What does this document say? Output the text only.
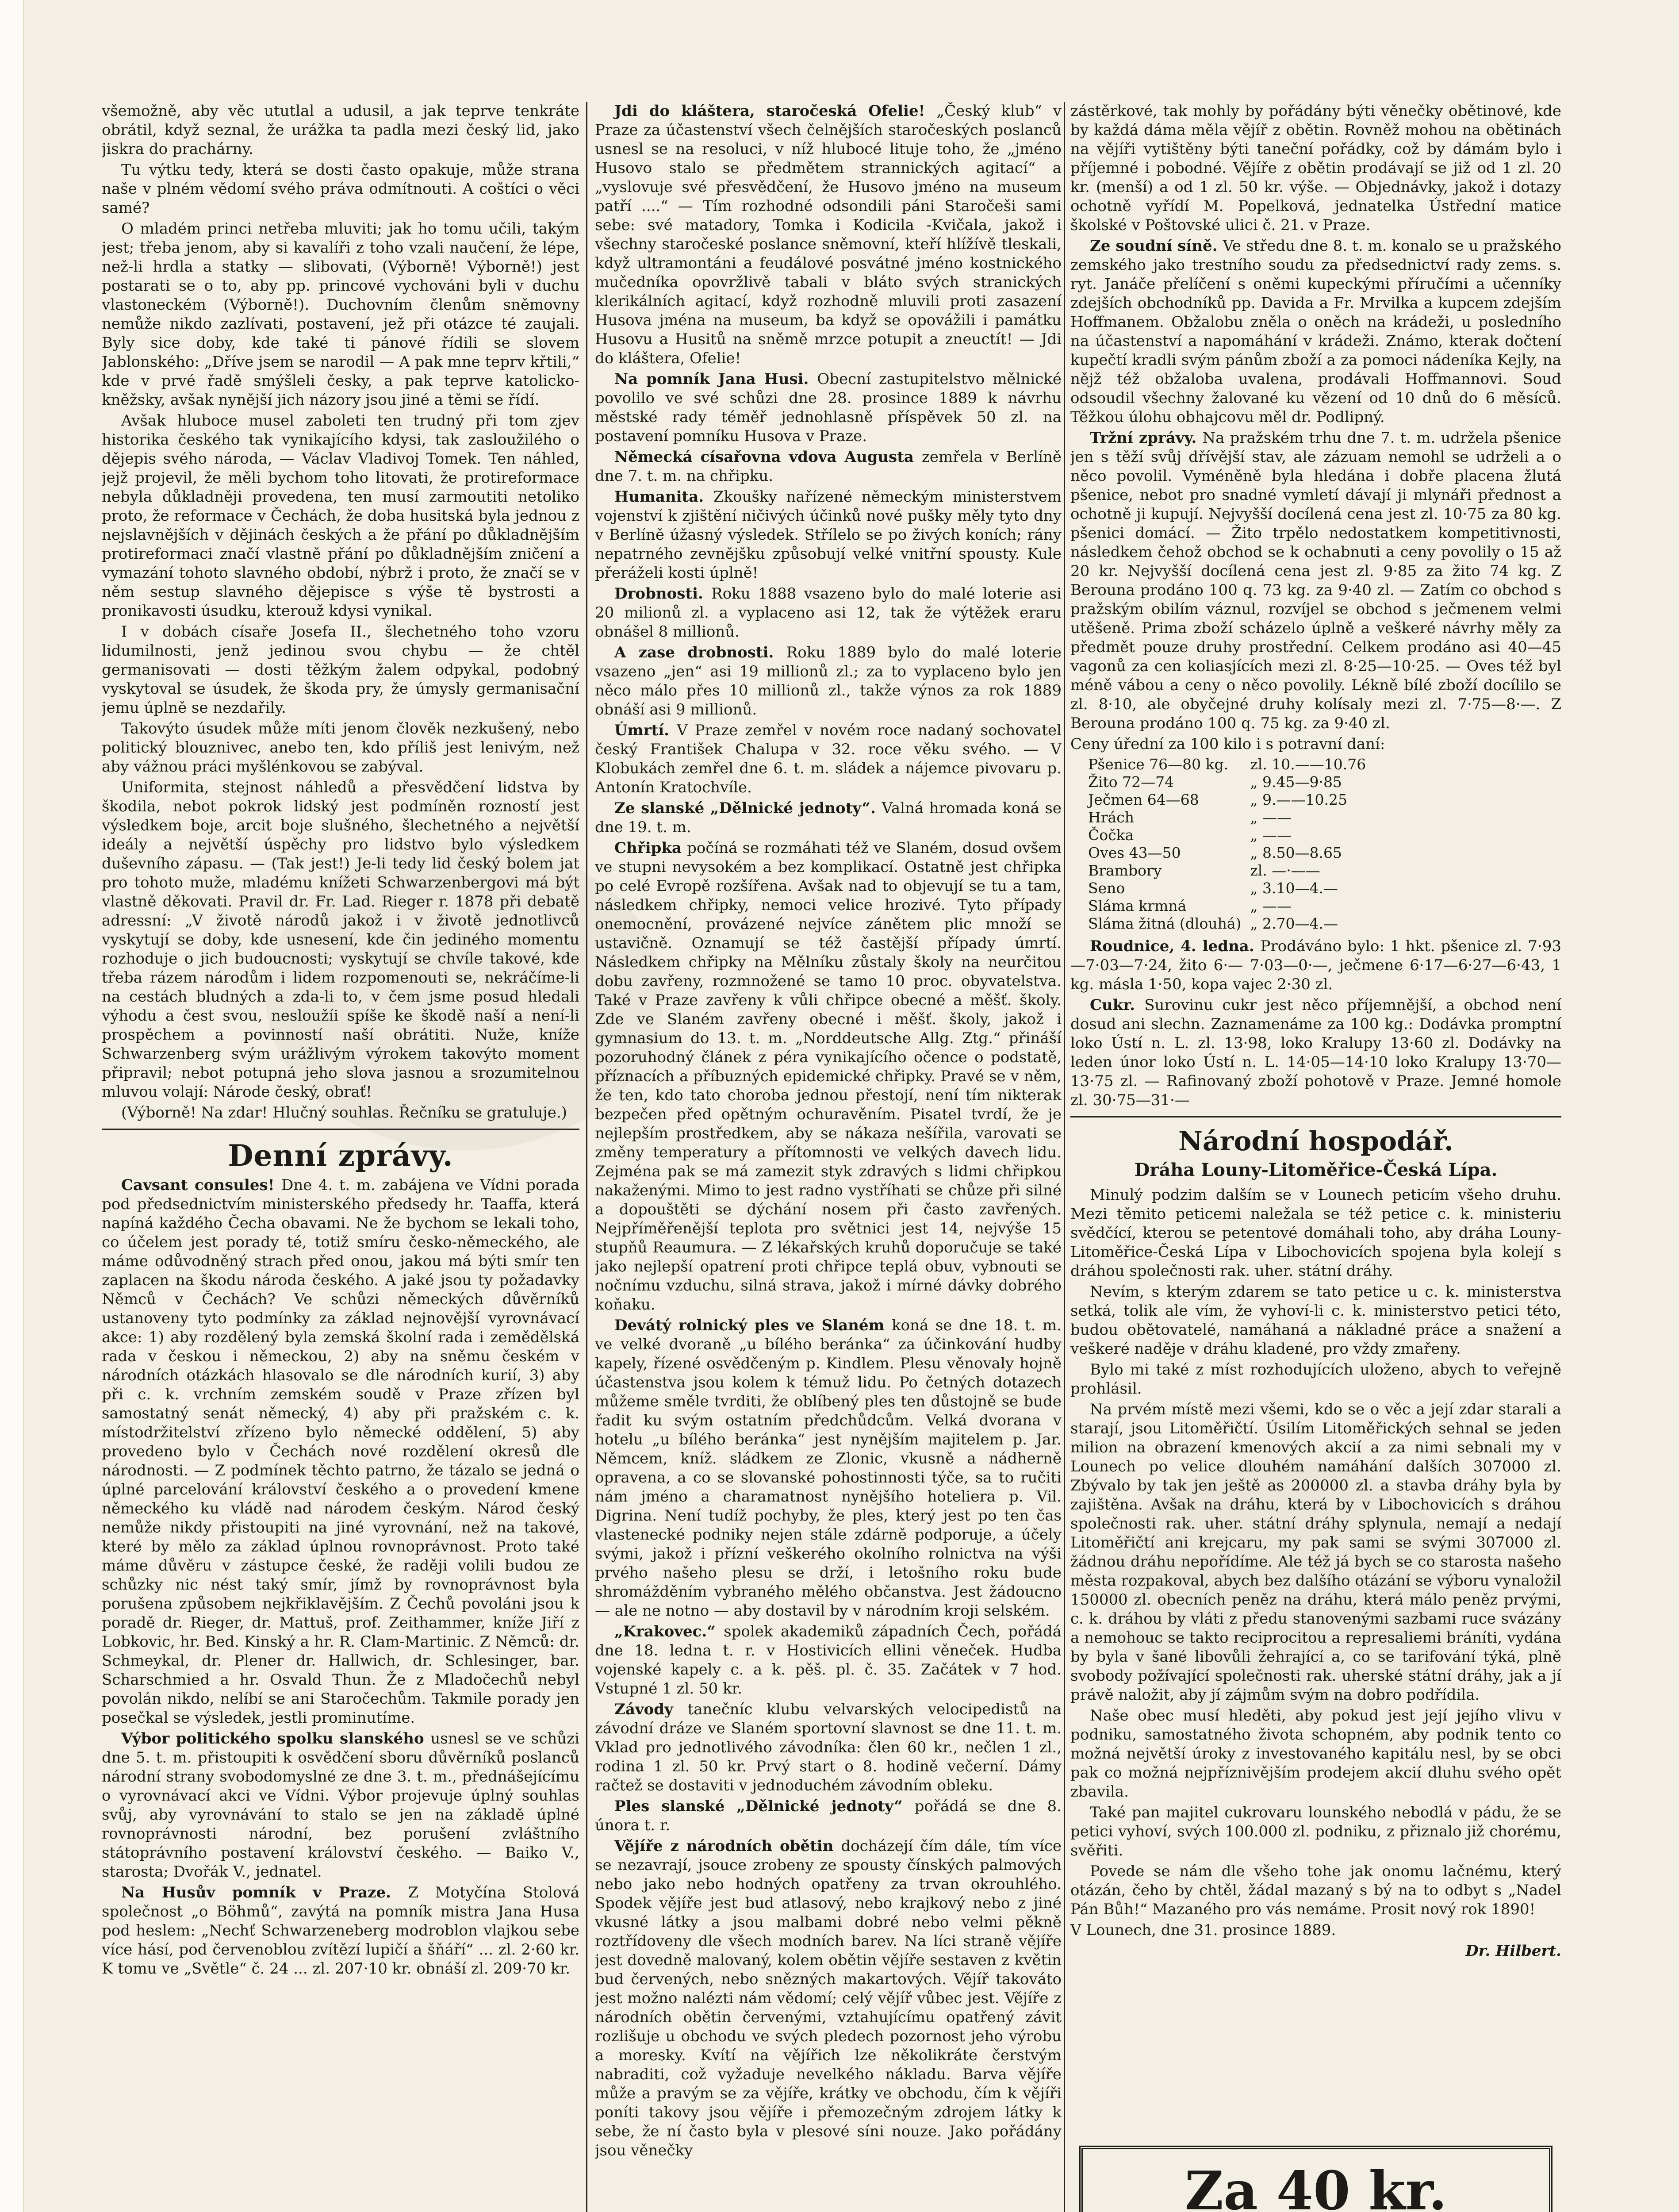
všemožně, aby věc ututlal a udusil, a jak teprve tenkráte obrátil, když seznal, že urážka ta padla mezi český lid, jako jiskra do prachárny.

Tu výtku tedy, která se dosti často opakuje, může strana naše v plném vědomí svého práva odmítnouti. A coštíci o věci samé?

O mladém princi netřeba mluviti; jak ho tomu učili, takým jest; třeba jenom, aby si kavalíři z toho vzali naučení, že lépe, než-li hrdla a statky — slibovati, (Výborně! Výborně!) jest postarati se o to, aby pp. princové vychováni byli v duchu vlastoneckém (Výborně!). Duchovním členům sněmovny nemůže nikdo zazlívati, postavení, jež při otázce té zaujali. Byly sice doby, kde také ti pánové řídili se slovem Jablonského: „Dříve jsem se narodil — A pak mne teprv křtili,“ kde v prvé řadě smýšleli česky, a pak teprve katolicko-kněžsky, avšak nynější jich názory jsou jiné a těmi se řídí.

Avšak hluboce musel zaboleti ten trudný při tom zjev historika českého tak vynikajícího kdysi, tak zasloužilého o dějepis svého národa, — Václav Vladivoj Tomek. Ten náhled, jejž projevil, že měli bychom toho litovati, že protireformace nebyla důkladněji provedena, ten musí zarmoutiti netoliko proto, že reformace v Čechách, že doba husitská byla jednou z nejslavnějších v dějinách českých a že přání po důkladnějším protireformaci značí vlastně přání po důkladnějším zničení a vymazání tohoto slavného období, nýbrž i proto, že značí se v něm sestup slavného dějepisce s výše tě bystrosti a pronikavosti úsudku, kterouž kdysi vynikal.

I v dobách císaře Josefa II., šlechetného toho vzoru lidumilnosti, jenž jedinou svou chybu — že chtěl germanisovati — dosti těžkým žalem odpykal, podobný vyskytoval se úsudek, že škoda pry, že úmysly germanisační jemu úplně se nezdařily.

Takovýto úsudek může míti jenom člověk nezkušený, nebo politický blouznivec, anebo ten, kdo příliš jest lenivým, než aby vážnou práci myšlénkovou se zabýval.

Uniformita, stejnost náhledů a přesvědčení lidstva by škodila, nebot pokrok lidský jest podmíněn rozností jest výsledkem boje, arcit boje slušného, šlechetného a největší ideály a největší úspěchy pro lidstvo bylo výsledkem duševního zápasu. — (Tak jest!) Je-li tedy lid český bolem jat pro tohoto muže, mladému knížeti Schwarzenbergovi má být vlastně děkovati. Pravil dr. Fr. Lad. Rieger r. 1878 při debatě adressní: „V životě národů jakož i v životě jednotlivců vyskytují se doby, kde usnesení, kde čin jediného momentu rozhoduje o jich budoucnosti; vyskytují se chvíle takové, kde třeba rázem národům i lidem rozpomenouti se, nekráčíme-li na cestách bludných a zda-li to, v čem jsme posud hledali výhodu a čest svou, nesloužíi spíše ke škodě naší a není-li prospěchem a povinností naší obrátiti. Nuže, kníže Schwarzenberg svým urážlivým výrokem takovýto moment připravil; nebot potupná jeho slova jasnou a srozumitelnou mluvou volají: Národe český, obrať!

(Výborně! Na zdar! Hlučný souhlas. Řečníku se gratuluje.)

Denní zprávy.

Cavsant consules! Dne 4. t. m. zabájena ve Vídni porada pod předsednictvím ministerského předsedy hr. Taaffa, která napíná každého Čecha obavami. Ne že bychom se lekali toho, co účelem jest porady té, totiž smíru česko-německého, ale máme odůvodněný strach před onou, jakou má býti smír ten zaplacen na škodu národa českého. A jaké jsou ty požadavky Němců v Čechách? Ve schůzi německých důvěrníků ustanoveny tyto podmínky za základ nejnovější vyrovnávací akce: 1) aby rozdělený byla zemská školní rada i zemědělská rada v českou i německou, 2) aby na sněmu českém v národních otázkách hlasovalo se dle národních kurií, 3) aby při c. k. vrchním zemském soudě v Praze zřízen byl samostatný senát německý, 4) aby při pražském c. k. místodržitelství zřízeno bylo německé oddělení, 5) aby provedeno bylo v Čechách nové rozdělení okresů dle národnosti. — Z podmínek těchto patrno, že tázalo se jedná o úplné parcelování království českého a o provedení kmene německého ku vládě nad národem českým. Národ český nemůže nikdy přistoupiti na jiné vyrovnání, než na takové, které by mělo za základ úplnou rovnoprávnost. Proto také máme důvěru v zástupce české, že raději volili budou ze schůzky nic nést taký smír, jímž by rovnoprávnost byla porušena způsobem nejkřiklavějším. Z Čechů povoláni jsou k poradě dr. Rieger, dr. Mattuš, prof. Zeithammer, kníže Jiří z Lobkovic, hr. Bed. Kinský a hr. R. Clam-Martinic. Z Němců: dr. Schmeykal, dr. Plener dr. Hallwich, dr. Schlesinger, bar. Scharschmied a hr. Osvald Thun. Že z Mladočechů nebyl povolán nikdo, nelíbí se ani Staročechům. Takmile porady jen posečkal se výsledek, jestli prominutíme.

Výbor politického spolku slanského usnesl se ve schůzi dne 5. t. m. přistoupiti k osvědčení sboru důvěrníků poslanců národní strany svobodomyslné ze dne 3. t. m., přednášejícímu o vyrovnávací akci ve Vídni. Výbor projevuje úplný souhlas svůj, aby vyrovnávání to stalo se jen na základě úplné rovnoprávnosti národní, bez porušení zvláštního státoprávního postavení království českého. — Baiko V., starosta; Dvořák V., jednatel.

Na Husův pomník v Praze. Z Motyčína Stolová společnost „o Böhmů“, zavýtá na pomník mistra Jana Husa pod heslem: „Nechť Schwarzeneberg modroblon vlajkou sebe více hásí, pod červenoblou zvítězí lupičí a šňáří“ ... zl. 2·60 kr. K tomu ve „Světle“ č. 24 ... zl. 207·10 kr. obnáší zl. 209·70 kr.

Jdi do kláštera, staročeská Ofelie! „Český klub“ v Praze za účastenství všech čelnějších staročeských poslanců usnesl se na resoluci, v níž hlubocé lituje toho, že „jméno Husovo stalo se předmětem strannických agitací“ a „vyslovuje své přesvědčení, že Husovo jméno na museum patří ....“ — Tím rozhodné odsondili páni Staročeši sami sebe: své matadory, Tomka i Kodicila -Kvičala, jakož i všechny staročeské poslance sněmovní, kteří hlížívě tleskali, když ultramontáni a feudálové posvátné jméno kostnického mučedníka opovržlivě tabali v bláto svých stranických klerikálních agitací, když rozhodně mluvili proti zasazení Husova jména na museum, ba když se opovážili i památku Husovu a Husitů na sněmě mrzce potupit a zneuctít! — Jdi do kláštera, Ofelie!

Na pomník Jana Husi. Obecní zastupitelstvo mělnické povolilo ve své schůzi dne 28. prosince 1889 k návrhu městské rady téměř jednohlasně příspěvek 50 zl. na postavení pomníku Husova v Praze.

Německá císařovna vdova Augusta zemřela v Berlíně dne 7. t. m. na chřipku.

Humanita. Zkoušky nařízené německým ministerstvem vojenství k zjištění ničivých účinků nové pušky měly tyto dny v Berlíně úžasný výsledek. Střílelo se po živých koních; rány nepatrného zevnějšku způsobují velké vnitřní spousty. Kule přeráželi kosti úplně!

Drobnosti. Roku 1888 vsazeno bylo do malé loterie asi 20 milionů zl. a vyplaceno asi 12, tak že výtěžek eraru obnášel 8 millionů.

A zase drobnosti. Roku 1889 bylo do malé loterie vsazeno „jen“ asi 19 millionů zl.; za to vyplaceno bylo jen něco málo přes 10 millionů zl., takže výnos za rok 1889 obnáší asi 9 millionů.

Úmrtí. V Praze zemřel v novém roce nadaný sochovatel český František Chalupa v 32. roce věku svého. — V Klobukách zemřel dne 6. t. m. sládek a nájemce pivovaru p. Antonín Kratochvíle.

Ze slanské „Dělnické jednoty“. Valná hromada koná se dne 19. t. m.

Chřipka počíná se rozmáhati též ve Slaném, dosud ovšem ve stupni nevysokém a bez komplikací. Ostatně jest chřipka po celé Evropě rozšířena. Avšak nad to objevují se tu a tam, následkem chřipky, nemoci velice hrozivé. Tyto případy onemocnění, provázené nejvíce zánětem plic množí se ustavičně. Oznamují se též častější případy úmrtí. Následkem chřipky na Mělníku zůstaly školy na neurčitou dobu zavřeny, rozmnožené se tamo 10 proc. obyvatelstva. Také v Praze zavřeny k vůli chřipce obecné a měšť. školy. Zde ve Slaném zavřeny obecné i měšť. školy, jakož i gymnasium do 13. t. m. „Norddeutsche Allg. Ztg.“ přináší pozoruhodný článek z péra vynikajícího očence o podstatě, příznacích a příbuzných epidemické chřipky. Pravé se v něm, že ten, kdo tato choroba jednou přestojí, není tím nikterak bezpečen před opětným ochuravěním. Pisatel tvrdí, že je nejlepším prostředkem, aby se nákaza nešířila, varovati se změny temperatury a přítomnosti ve velkých davech lidu. Zejména pak se má zamezit styk zdravých s lidmi chřipkou nakaženými. Mimo to jest radno vystříhati se chůze při silné a dopouštěti se dýchání nosem při často zavřených. Nejpříměřenější teplota pro světnici jest 14, nejvýše 15 stupňů Reaumura. — Z lékařských kruhů doporučuje se také jako nejlepší opatrení proti chřipce teplá obuv, vybnouti se nočnímu vzduchu, silná strava, jakož i mírné dávky dobrého koňaku.

Devátý rolnický ples ve Slaném koná se dne 18. t. m. ve velké dvoraně „u bílého beránka“ za účinkování hudby kapely, řízené osvědčeným p. Kindlem. Plesu věnovaly hojně účastenstva jsou kolem k témuž lidu. Po četných dotazech můžeme směle tvrditi, že oblíbený ples ten důstojně se bude řadit ku svým ostatním předchůdcům. Velká dvorana v hotelu „u bílého beránka“ jest nynějším majitelem p. Jar. Němcem, kníž. sládkem ze Zlonic, vkusně a nádherně opravena, a co se slovanské pohostinnosti týče, sa to ručiti nám jméno a charamatnost nynějšího hoteliera p. Vil. Digrina. Není tudíž pochyby, že ples, který jest po ten čas vlastenecké podniky nejen stále zdárně podporuje, a účely svými, jakož i přízní veškerého okolního rolnictva na výši prvého našeho plesu se drží, i letošního roku bude shromážděním vybraného mělého občanstva. Jest žádoucno — ale ne notno — aby dostavil by v národním kroji selském.

„Krakovec.“ spolek akademiků západních Čech, pořádá dne 18. ledna t. r. v Hostivicích ellini věneček. Hudba vojenské kapely c. a k. pěš. pl. č. 35. Začátek v 7 hod. Vstupné 1 zl. 50 kr.

Závody tanečníc klubu velvarských velocipedistů na závodní dráze ve Slaném sportovní slavnost se dne 11. t. m. Vklad pro jednotlivého závodníka: člen 60 kr., nečlen 1 zl., rodina 1 zl. 50 kr. Prvý start o 8. hodině večerní. Dámy račtež se dostaviti v jednoduchém závodním obleku.

Ples slanské „Dělnické jednoty“ pořádá se dne 8. února t. r.

Vějíře z národních obětin docházejí čím dále, tím více se nezavrají, jsouce zrobeny ze spousty čínských palmových nebo jako nebo hodných opatřeny za trvan okrouhlého. Spodek vějíře jest bud atlasový, nebo krajkový nebo z jiné vkusné látky a jsou malbami dobré nebo velmi pěkně roztřídoveny dle všech modních barev. Na líci straně vějíře jest dovedně malovaný, kolem obětin vějíře sestaven z květin bud červených, nebo snězných makartových. Vějíř takováto jest možno nalézti nám vědomí; celý vějíř vůbec jest. Vějíře z národních obětin červenými, vztahujícímu opatřený závit rozlišuje u obchodu ve svých pledech pozornost jeho výrobu a moresky. Kvítí na vějířich lze několikráte čerstvým nabraditi, což vyžaduje nevelkého nákladu. Barva vějíře může a pravým se za vějíře, krátky ve obchodu, čím k vějíři poníti takovy jsou vějíře i přemozečným zdrojem látky k sebe, že ní často byla v plesové síni nouze. Jako pořádány jsou věnečky

zástěrkové, tak mohly by pořádány býti věnečky obětinové, kde by každá dáma měla vějíř z obětin. Rovněž mohou na obětinách na vějíři vytištěny býti taneční pořádky, což by dámám bylo i příjemné i pobodné. Vějíře z obětin prodávají se již od 1 zl. 20 kr. (menší) a od 1 zl. 50 kr. výše. — Objednávky, jakož i dotazy ochotně vyřídí M. Popelková, jednatelka Ústřední matice školské v Poštovské ulici č. 21. v Praze.

Ze soudní síně. Ve středu dne 8. t. m. konalo se u pražského zemského jako trestního soudu za předsednictví rady zems. s. ryt. Janáče přelíčení s oněmi kupeckými příručími a učenníky zdejších obchodníků pp. Davida a Fr. Mrvilka a kupcem zdejším Hoffmanem. Obžalobu zněla o oněch na krádeži, u posledního na účastenství a napomáhání v krádeži. Známo, kterak dočtení kupečtí kradli svým pánům zboží a za pomoci nádeníka Kejly, na nějž též obžaloba uvalena, prodávali Hoffmannovi. Soud odsoudil všechny žalované ku vězení od 10 dnů do 6 měsíců. Těžkou úlohu obhajcovu měl dr. Podlipný.

Tržní zprávy. Na pražském trhu dne 7. t. m. udržela pšenice jen s těží svůj dřívější stav, ale zázuam nemohl se udrželi a o něco povolil. Vyméněně byla hledána i dobře placena žlutá pšenice, nebot pro snadné vymletí dávají ji mlynáři přednost a ochotně ji kupují. Nejvyšší docílená cena jest zl. 10·75 za 80 kg. pšenici domácí. — Žito trpělo nedostatkem kompetitivnosti, následkem čehož obchod se k ochabnuti a ceny povolily o 15 až 20 kr. Nejvyšší docílená cena jest zl. 9·85 za žito 74 kg. Z Berouna prodáno 100 q. 73 kg. za 9·40 zl. — Zatím co obchod s pražským obilím váznul, rozvíjel se obchod s ječmenem velmi utěšeně. Prima zboží scházelo úplně a veškeré návrhy měly za předmět pouze druhy prostřední. Celkem prodáno asi 40—45 vagonů za cen koliasjících mezi zl. 8·25—10·25. — Oves též byl méně vábou a ceny o něco povolily. Lékně bílé zboží docílilo se zl. 8·10, ale obyčejné druhy kolísaly mezi zl. 7·75—8·—. Z Berouna prodáno 100 q. 75 kg. za 9·40 zl.

Ceny úřední za 100 kilo i s potravní daní:

Pšenice 76—80 kg.	zl. 10.——10.76
Žito 72—74	„ 9.45—9·85
Ječmen 64—68	„ 9.——10.25
Hrách	„ ——
Čočka	„ ——
Oves 43—50	„ 8.50—8.65
Brambory	zl. —·——
Seno	„ 3.10—4.—
Sláma krmná	„ ——
Sláma žitná (dlouhá)	„ 2.70—4.—

Roudnice, 4. ledna. Prodáváno bylo: 1 hkt. pšenice zl. 7·93—7·03—7·24, žito 6·— 7·03—0·—, ječmene 6·17—6·27—6·43, 1 kg. másla 1·50, kopa vajec 2·30 zl.

Cukr. Surovinu cukr jest něco příjemnější, a obchod není dosud ani slechn. Zaznamenáme za 100 kg.: Dodávka promptní loko Ústí n. L. zl. 13·98, loko Kralupy 13·60 zl. Dodávky na leden únor loko Ústí n. L. 14·05—14·10 loko Kralupy 13·70—13·75 zl. — Rafinovaný zboží pohotově v Praze. Jemné homole zl. 30·75—31·—

Národní hospodář.
Dráha Louny-Litoměřice-Česká Lípa.

Minulý podzim dalším se v Lounech peticím všeho druhu. Mezi těmito peticemi naležala se též petice c. k. ministeriu svědčící, kterou se petentové domáhali toho, aby dráha Louny-Litoměřice-Česká Lípa v Libochovicích spojena byla kolejí s dráhou společnosti rak. uher. státní dráhy.

Nevím, s kterým zdarem se tato petice u c. k. ministerstva setká, tolik ale vím, že vyhoví-li c. k. ministerstvo petici této, budou obětovatelé, namáhaná a nákladné práce a snažení a veškeré naděje v dráhu kladené, pro vždy zmařeny.

Bylo mi také z míst rozhodujících uloženo, abych to veřejně prohlásil.

Na prvém místě mezi všemi, kdo se o věc a její zdar starali a starají, jsou Litoměřičtí. Úsilím Litoměřických sehnal se jeden milion na obrazení kmenových akcií a za nimi sebnali my v Lounech po velice dlouhém namáhání dalších 307000 zl. Zbývalo by tak jen ještě as 200000 zl. a stavba dráhy byla by zajištěna. Avšak na dráhu, která by v Libochovicích s dráhou společnosti rak. uher. státní dráhy splynula, nemají a nedají Litoměřičtí ani krejcaru, my pak sami se svými 307000 zl. žádnou dráhu nepořídíme. Ale též já bych se co starosta našeho města rozpakoval, abych bez dalšího otázání se výboru vynaložil 150000 zl. obecních peněz na dráhu, která málo peněz prvými, c. k. dráhou by vláti z předu stanovenými sazbami ruce svázány a nemohouc se takto reciprocitou a represaliemi bráníti, vydána by byla v šané libovůli žehrající a, co se tarifování týká, plně svobody požívající společnosti rak. uherské státní dráhy, jak a jí právě naložit, aby jí zájmům svým na dobro podřídila.

Naše obec musí hleděti, aby pokud jest její jejího vlivu v podniku, samostatného života schopném, aby podnik tento co možná největší úroky z investovaného kapitálu nesl, by se obci pak co možná nejpříznivějším prodejem akcií dluhu svého opět zbavila.

Také pan majitel cukrovaru lounského nebodlá v pádu, že se petici vyhoví, svých 100.000 zl. podniku, z přiznalo již chorému, svěřiti.

Povede se nám dle všeho tohe jak onomu lačnému, který otázán, čeho by chtěl, žádal mazaný s bý na to odbyt s „Nadel Pán Bůh!“ Mazaného pro vás nemáme. Prosit nový rok 1890!

V Lounech, dne 31. prosince 1889.

Dr. Hilbert.

Za 40 kr.
